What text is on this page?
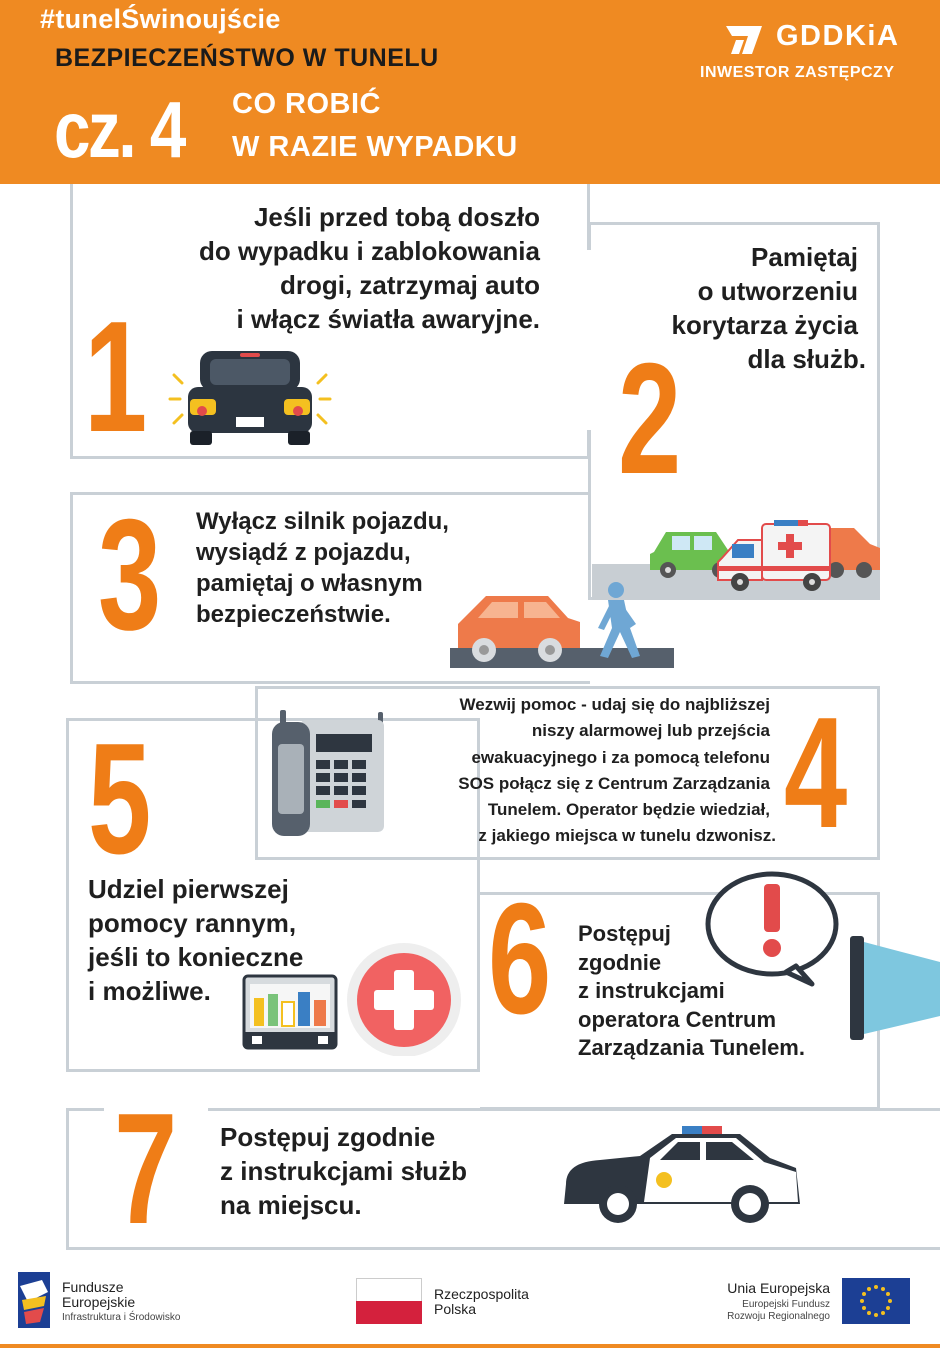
#tunelŚwinoujście
BEZPIECZEŃSTWO W TUNELU
cz. 4 CO ROBIĆ
W RAZIE WYPADKU
GDDKiA
INWESTOR ZASTĘPCZY
1
Jeśli przed tobą doszło
do wypadku i zablokowania
drogi, zatrzymaj auto
i włącz światła awaryjne.
2
Pamiętaj
o utworzeniu
korytarza życia
dla służb.
3 Wyłącz silnik pojazdu,
wysiądź z pojazdu,
pamiętaj o własnym
bezpieczeństwie.
4
Wezwij pomoc - udaj się do najbliższej
niszy alarmowej lub przejścia
ewakuacyjnego i za pomocą telefonu
SOS połącz się z Centrum Zarządzania
Tunelem. Operator będzie wiedział,
z jakiego miejsca w tunelu dzwonisz.
5
Udziel pierwszej
pomocy rannym,
jeśli to konieczne
i możliwe.	6 Postępuj
zgodnie
z instrukcjami
operatora Centrum
Zarządzania Tunelem.
7 Postępuj zgodnie
z instrukcjami służb
na miejscu.
Fundusze
Europejskie
Infrastruktura i Środowisko
Rzeczpospolita
Polska
Unia Europejska
Europejski Fundusz
Rozwoju Regionalnego
